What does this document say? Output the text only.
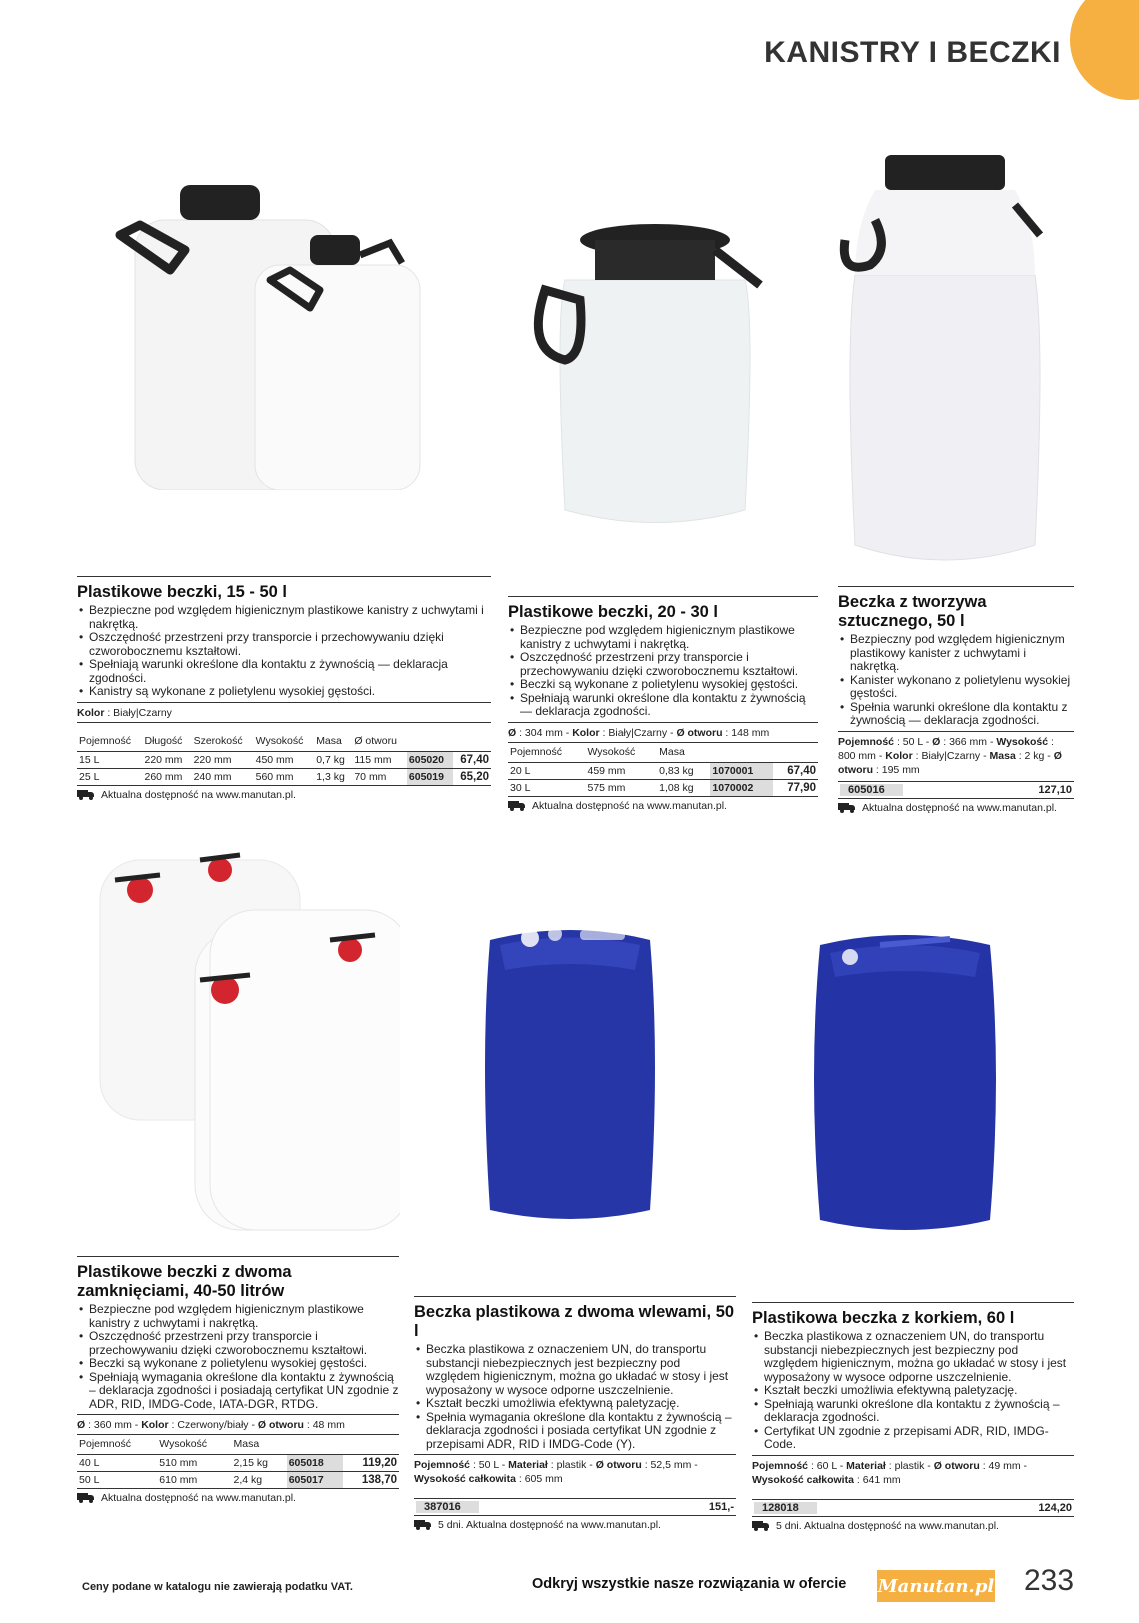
KANISTRY I BECZKI
Plastikowe beczki, 15 - 50 l
• Bezpieczne pod względem higienicznym plastikowe kanistry z uchwytami i nakrętką.
• Oszczędność przestrzeni przy transporcie i przechowywaniu dzięki czworobocznemu kształtowi.
• Spełniają warunki określone dla kontaktu z żywnością — deklaracja zgodności.
• Kanistry są wykonane z polietylenu wysokiej gęstości.
Kolor : Biały|Czarny
Pojemność	Długość	Szerokość	Wysokość	Masa	Ø otworu		
15 L	220 mm	220 mm	450 mm	0,7 kg	115 mm	605020	67,40
25 L	260 mm	240 mm	560 mm	1,3 kg	70 mm	605019	65,20
Aktualna dostępność na www.manutan.pl.
Plastikowe beczki, 20 - 30 l
• Bezpieczne pod względem higienicznym plastikowe kanistry z uchwytami i nakrętką.
• Oszczędność przestrzeni przy transporcie i przechowywaniu dzięki czworobocznemu kształtowi.
• Beczki są wykonane z polietylenu wysokiej gęstości.
• Spełniają warunki określone dla kontaktu z żywnością — deklaracja zgodności.
Ø : 304 mm - Kolor : Biały|Czarny - Ø otworu : 148 mm
Pojemność	Wysokość	Masa		
20 L	459 mm	0,83 kg	1070001	67,40
30 L	575 mm	1,08 kg	1070002	77,90
Aktualna dostępność na www.manutan.pl.
Beczka z tworzywa sztucznego, 50 l
• Bezpieczny pod względem higienicznym plastikowy kanister z uchwytami i nakrętką.
• Kanister wykonano z polietylenu wysokiej gęstości.
• Spełnia warunki określone dla kontaktu z żywnością — deklaracja zgodności.
Pojemność : 50 L - Ø : 366 mm - Wysokość : 800 mm - Kolor : Biały|Czarny - Masa : 2 kg - Ø otworu : 195 mm
605016	127,10
Aktualna dostępność na www.manutan.pl.
Plastikowe beczki z dwoma zamknięciami, 40-50 litrów
• Bezpieczne pod względem higienicznym plastikowe kanistry z uchwytami i nakrętką.
• Oszczędność przestrzeni przy transporcie i przechowywaniu dzięki czworobocznemu kształtowi.
• Beczki są wykonane z polietylenu wysokiej gęstości.
• Spełniają wymagania określone dla kontaktu z żywnością – deklaracja zgodności i posiadają certyfikat UN zgodnie z ADR, RID, IMDG-Code, IATA-DGR, RTDG.
Ø : 360 mm - Kolor : Czerwony/biały - Ø otworu : 48 mm
Pojemność	Wysokość	Masa		
40 L	510 mm	2,15 kg	605018	119,20
50 L	610 mm	2,4 kg	605017	138,70
Aktualna dostępność na www.manutan.pl.
Beczka plastikowa z dwoma wlewami, 50 l
• Beczka plastikowa z oznaczeniem UN, do transportu substancji niebezpiecznych jest bezpieczny pod względem higienicznym, można go układać w stosy i jest wyposażony w wysoce odporne uszczelnienie.
• Kształt beczki umożliwia efektywną paletyzację.
• Spełnia wymagania określone dla kontaktu z żywnością – deklaracja zgodności i posiada certyfikat UN zgodnie z przepisami ADR, RID i IMDG-Code (Y).
Pojemność : 50 L - Materiał : plastik - Ø otworu : 52,5 mm - Wysokość całkowita : 605 mm
387016	151,-
5 dni. Aktualna dostępność na www.manutan.pl.
Plastikowa beczka z korkiem, 60 l
• Beczka plastikowa z oznaczeniem UN, do transportu substancji niebezpiecznych jest bezpieczny pod względem higienicznym, można go układać w stosy i jest wyposażony w wysoce odporne uszczelnienie.
• Kształt beczki umożliwia efektywną paletyzację.
• Spełniają warunki określone dla kontaktu z żywnością – deklaracja zgodności.
• Certyfikat UN zgodnie z przepisami ADR, RID, IMDG-Code.
Pojemność : 60 L - Materiał : plastik - Ø otworu : 49 mm - Wysokość całkowita : 641 mm
128018	124,20
5 dni. Aktualna dostępność na www.manutan.pl.
Ceny podane w katalogu nie zawierają podatku VAT.	Odkryj wszystkie nasze rozwiązania w ofercie Manutan.pl 233
